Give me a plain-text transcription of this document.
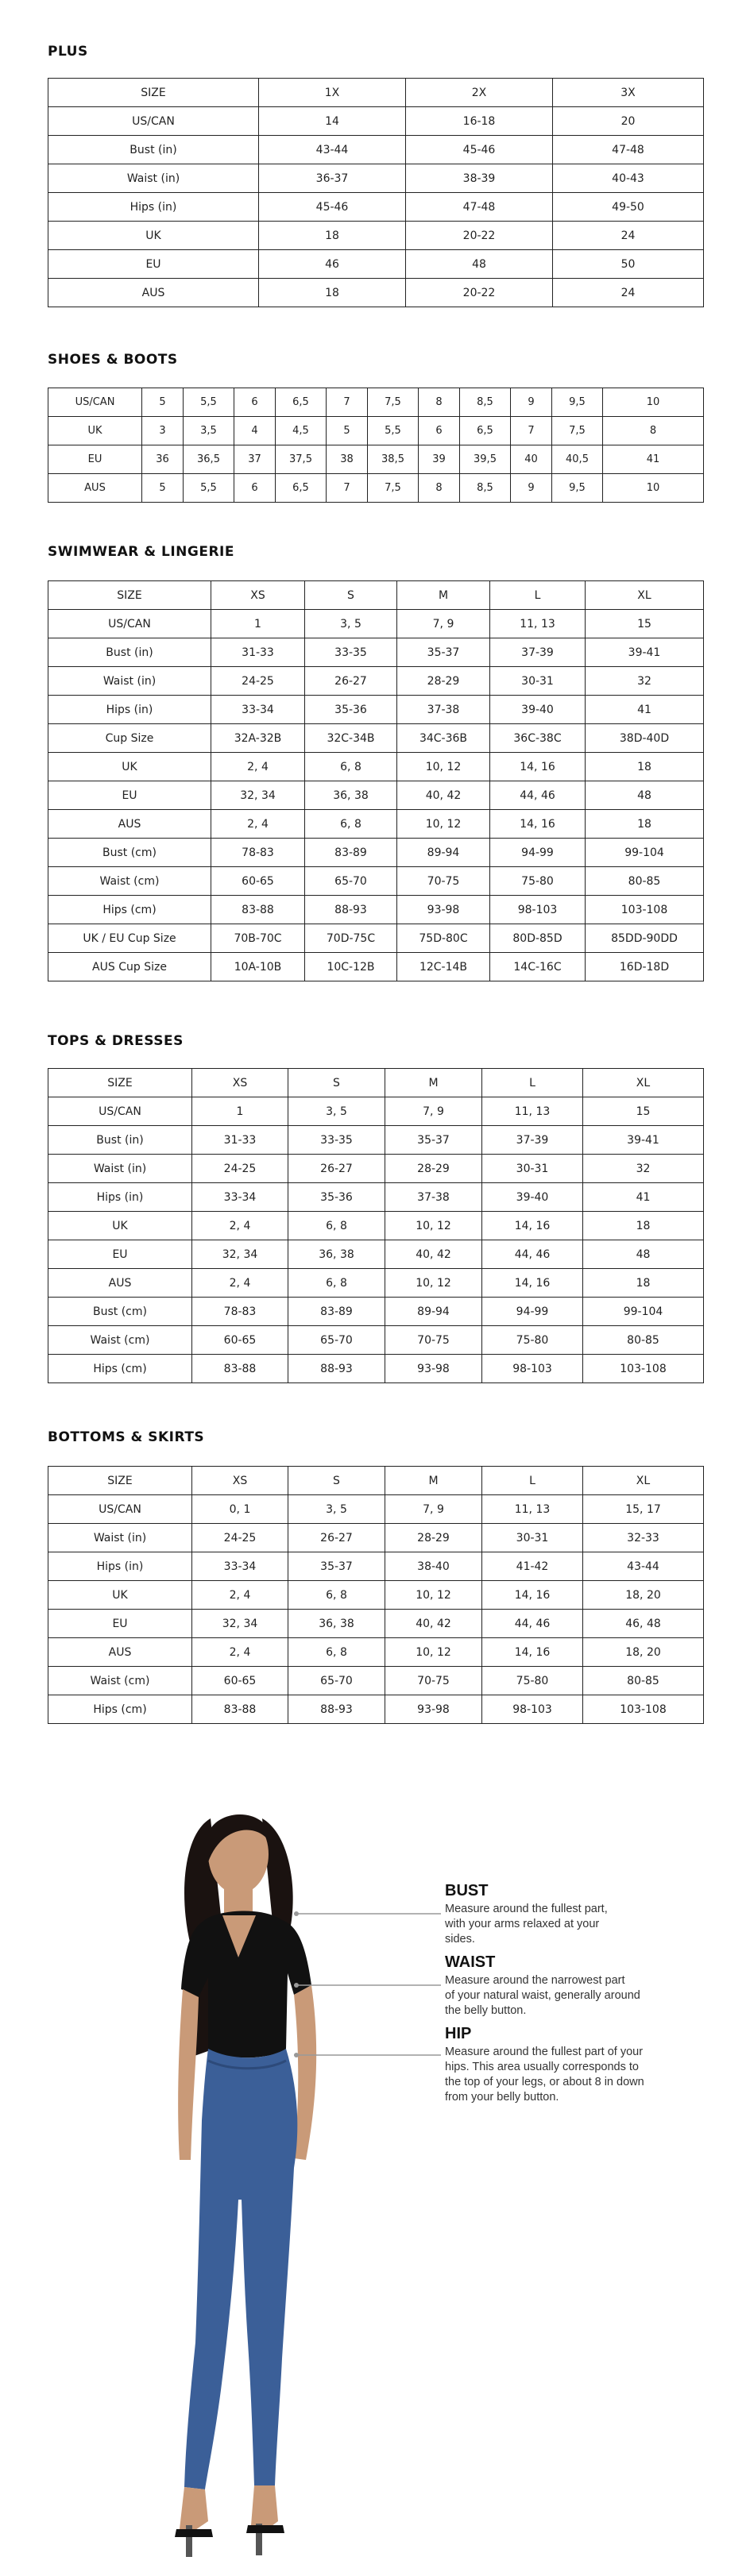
PLUS
SIZE	1X	2X	3X
US/CAN	14	16-18	20
Bust (in)	43-44	45-46	47-48
Waist (in)	36-37	38-39	40-43
Hips (in)	45-46	47-48	49-50
UK	18	20-22	24
EU	46	48	50
AUS	18	20-22	24
SHOES & BOOTS
US/CAN	5	5,5	6	6,5	7	7,5	8	8,5	9	9,5	10
UK	3	3,5	4	4,5	5	5,5	6	6,5	7	7,5	8
EU	36	36,5	37	37,5	38	38,5	39	39,5	40	40,5	41
AUS	5	5,5	6	6,5	7	7,5	8	8,5	9	9,5	10
SWIMWEAR & LINGERIE
SIZE	XS	S	M	L	XL
US/CAN	1	3, 5	7, 9	11, 13	15
Bust (in)	31-33	33-35	35-37	37-39	39-41
Waist (in)	24-25	26-27	28-29	30-31	32
Hips (in)	33-34	35-36	37-38	39-40	41
Cup Size	32A-32B	32C-34B	34C-36B	36C-38C	38D-40D
UK	2, 4	6, 8	10, 12	14, 16	18
EU	32, 34	36, 38	40, 42	44, 46	48
AUS	2, 4	6, 8	10, 12	14, 16	18
Bust (cm)	78-83	83-89	89-94	94-99	99-104
Waist (cm)	60-65	65-70	70-75	75-80	80-85
Hips (cm)	83-88	88-93	93-98	98-103	103-108
UK / EU Cup Size	70B-70C	70D-75C	75D-80C	80D-85D	85DD-90DD
AUS Cup Size	10A-10B	10C-12B	12C-14B	14C-16C	16D-18D
TOPS & DRESSES
SIZE	XS	S	M	L	XL
US/CAN	1	3, 5	7, 9	11, 13	15
Bust (in)	31-33	33-35	35-37	37-39	39-41
Waist (in)	24-25	26-27	28-29	30-31	32
Hips (in)	33-34	35-36	37-38	39-40	41
UK	2, 4	6, 8	10, 12	14, 16	18
EU	32, 34	36, 38	40, 42	44, 46	48
AUS	2, 4	6, 8	10, 12	14, 16	18
Bust (cm)	78-83	83-89	89-94	94-99	99-104
Waist (cm)	60-65	65-70	70-75	75-80	80-85
Hips (cm)	83-88	88-93	93-98	98-103	103-108
BOTTOMS & SKIRTS
SIZE	XS	S	M	L	XL
US/CAN	0, 1	3, 5	7, 9	11, 13	15, 17
Waist (in)	24-25	26-27	28-29	30-31	32-33
Hips (in)	33-34	35-37	38-40	41-42	43-44
UK	2, 4	6, 8	10, 12	14, 16	18, 20
EU	32, 34	36, 38	40, 42	44, 46	46, 48
AUS	2, 4	6, 8	10, 12	14, 16	18, 20
Waist (cm)	60-65	65-70	70-75	75-80	80-85
Hips (cm)	83-88	88-93	93-98	98-103	103-108
BUST

Measure around the fullest part,

with your arms relaxed at your

sides.

WAIST

Measure around the narrowest part

of your natural waist, generally around

the belly button.

HIP

Measure around the fullest part of your

hips. This area usually corresponds to

the top of your legs, or about 8 in down

from your belly button.
